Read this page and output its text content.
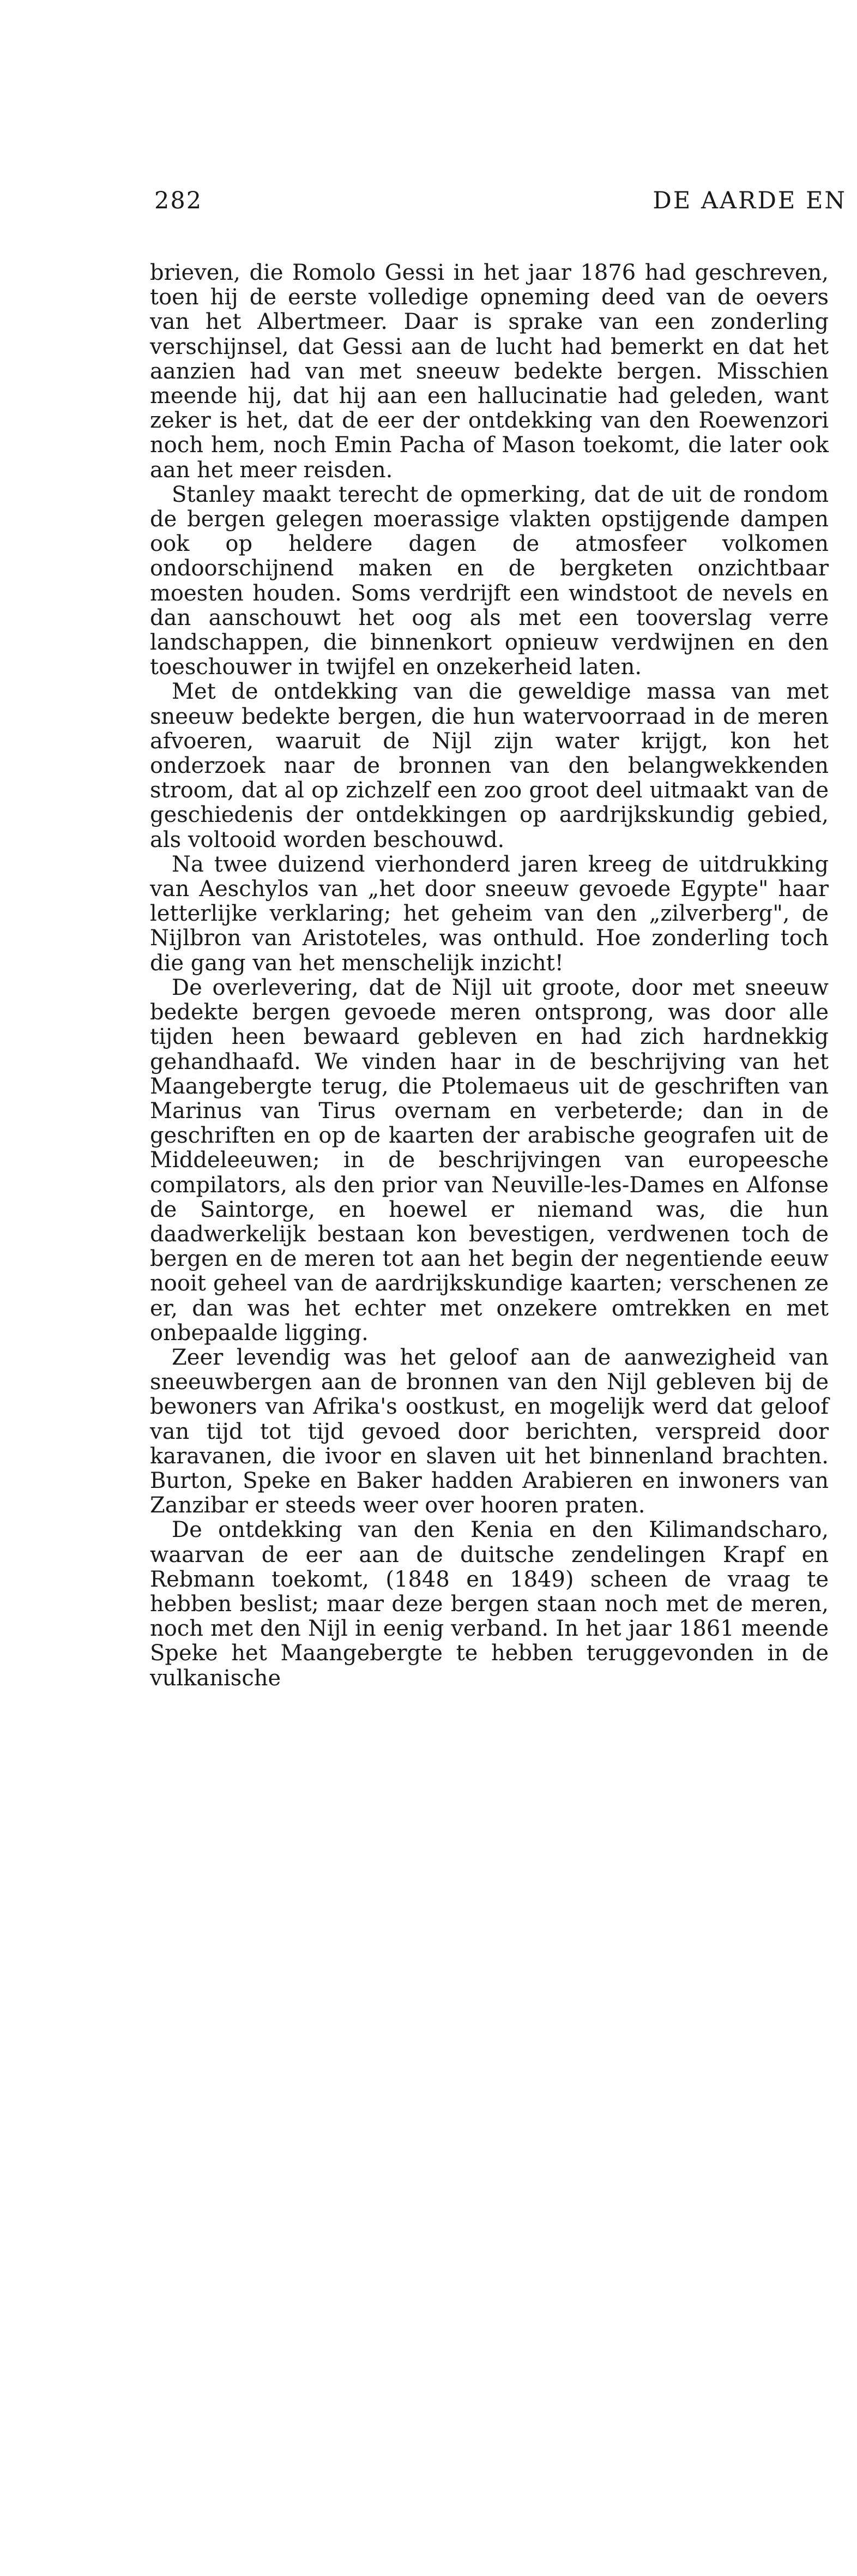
282	DE AARDE EN

brieven, die Romolo Gessi in het jaar 1876 had geschreven, toen hij de eerste volledige opneming deed van de oevers van het Albertmeer. Daar is sprake van een zonderling verschijnsel, dat Gessi aan de lucht had bemerkt en dat het aanzien had van met sneeuw bedekte bergen. Misschien meende hij, dat hij aan een hallucinatie had geleden, want zeker is het, dat de eer der ontdekking van den Roewenzori noch hem, noch Emin Pacha of Mason toekomt, die later ook aan het meer reisden.

Stanley maakt terecht de opmerking, dat de uit de rondom de bergen gelegen moerassige vlakten opstijgende dampen ook op heldere dagen de atmosfeer volkomen ondoorschijnend maken en de bergketen onzichtbaar moesten houden. Soms verdrijft een windstoot de nevels en dan aanschouwt het oog als met een tooverslag verre landschappen, die binnenkort opnieuw verdwijnen en den toeschouwer in twijfel en onzekerheid laten.

Met de ontdekking van die geweldige massa van met sneeuw bedekte bergen, die hun watervoorraad in de meren afvoeren, waaruit de Nijl zijn water krijgt, kon het onderzoek naar de bronnen van den belangwekkenden stroom, dat al op zichzelf een zoo groot deel uitmaakt van de geschiedenis der ontdekkingen op aardrijkskundig gebied, als voltooid worden beschouwd.

Na twee duizend vierhonderd jaren kreeg de uitdrukking van Aeschylos van „het door sneeuw gevoede Egypte" haar letterlijke verklaring; het geheim van den „zilverberg", de Nijlbron van Aristoteles, was onthuld. Hoe zonderling toch die gang van het menschelijk inzicht!

De overlevering, dat de Nijl uit groote, door met sneeuw bedekte bergen gevoede meren ontsprong, was door alle tijden heen bewaard gebleven en had zich hardnekkig gehandhaafd. We vinden haar in de beschrijving van het Maangebergte terug, die Ptolemaeus uit de geschriften van Marinus van Tirus overnam en verbeterde; dan in de geschriften en op de kaarten der arabische geografen uit de Middeleeuwen; in de beschrijvingen van europeesche compilators, als den prior van Neuville-les-Dames en Alfonse de Saintorge, en hoewel er niemand was, die hun daadwerkelijk bestaan kon bevestigen, verdwenen toch de bergen en de meren tot aan het begin der negentiende eeuw nooit geheel van de aardrijkskundige kaarten; verschenen ze er, dan was het echter met onzekere omtrekken en met onbepaalde ligging.

Zeer levendig was het geloof aan de aanwezigheid van sneeuwbergen aan de bronnen van den Nijl gebleven bij de bewoners van Afrika's oostkust, en mogelijk werd dat geloof van tijd tot tijd gevoed door berichten, verspreid door karavanen, die ivoor en slaven uit het binnenland brachten. Burton, Speke en Baker hadden Arabieren en inwoners van Zanzibar er steeds weer over hooren praten.

De ontdekking van den Kenia en den Kilimandscharo, waarvan de eer aan de duitsche zendelingen Krapf en Rebmann toekomt, (1848 en 1849) scheen de vraag te hebben beslist; maar deze bergen staan noch met de meren, noch met den Nijl in eenig verband. In het jaar 1861 meende Speke het Maangebergte te hebben teruggevonden in de vulkanische
